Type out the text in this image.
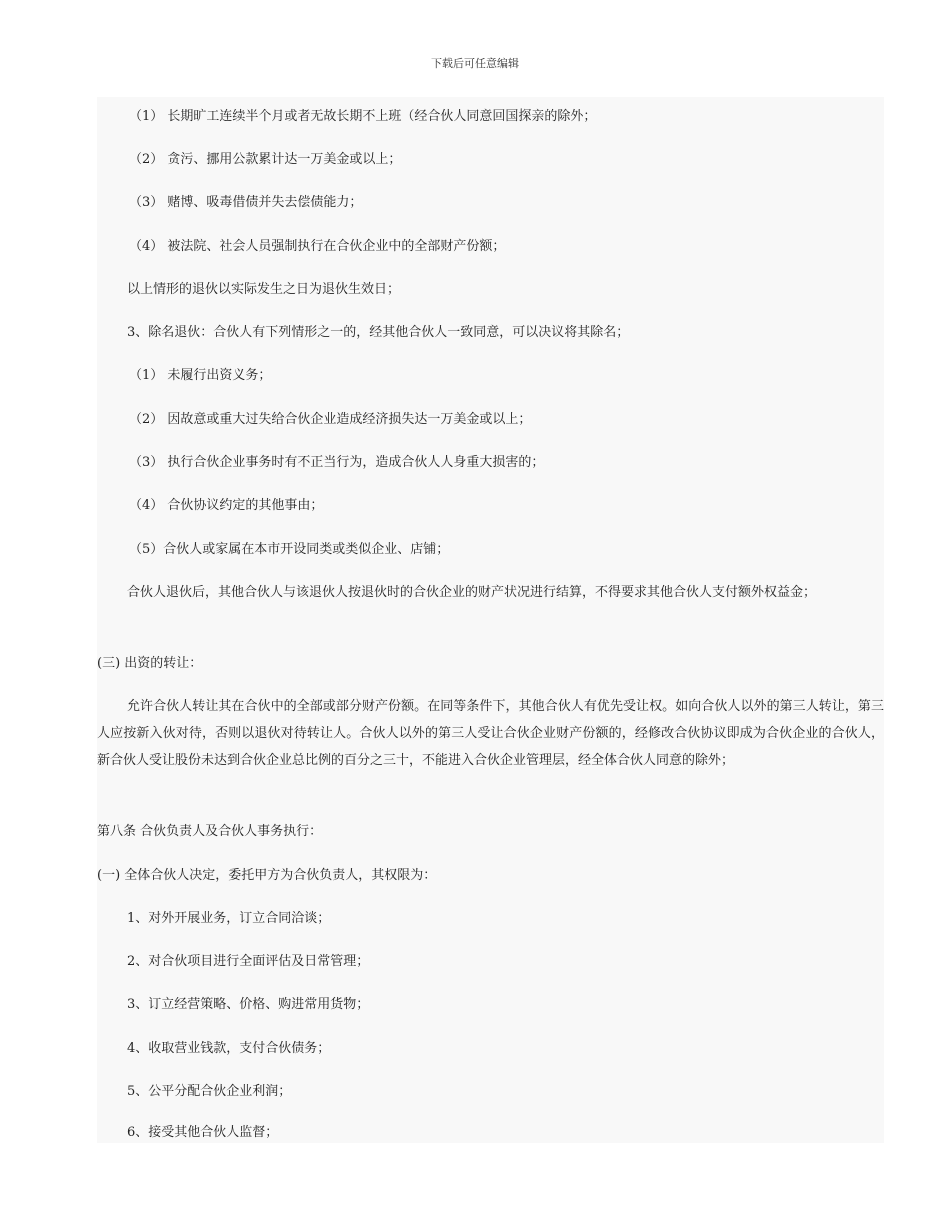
下载后可任意编辑
（1） 长期旷工连续半个月或者无故长期不上班（经合伙人同意回国探亲的除外；
（2） 贪污、挪用公款累计达一万美金或以上；
（3） 赌博、吸毒借债并失去偿债能力；
（4） 被法院、社会人员强制执行在合伙企业中的全部财产份额；
以上情形的退伙以实际发生之日为退伙生效日；
3、除名退伙：合伙人有下列情形之一的，经其他合伙人一致同意，可以决议将其除名；
（1） 未履行出资义务；
（2） 因故意或重大过失给合伙企业造成经济损失达一万美金或以上；
（3） 执行合伙企业事务时有不正当行为，造成合伙人人身重大损害的；
（4） 合伙协议约定的其他事由；
（5）合伙人或家属在本市开设同类或类似企业、店铺；
合伙人退伙后，其他合伙人与该退伙人按退伙时的合伙企业的财产状况进行结算，不得要求其他合伙人支付额外权益金；
(三) 出资的转让：
允许合伙人转让其在合伙中的全部或部分财产份额。在同等条件下，其他合伙人有优先受让权。如向合伙人以外的第三人转让，第三人应按新入伙对待，否则以退伙对待转让人。合伙人以外的第三人受让合伙企业财产份额的，经修改合伙协议即成为合伙企业的合伙人，新合伙人受让股份未达到合伙企业总比例的百分之三十，不能进入合伙企业管理层，经全体合伙人同意的除外；
第八条 合伙负责人及合伙人事务执行：
(一) 全体合伙人决定，委托甲方为合伙负责人，其权限为：
1、对外开展业务，订立合同洽谈；
2、对合伙项目进行全面评估及日常管理；
3、订立经营策略、价格、购进常用货物；
4、收取营业钱款，支付合伙债务；
5、公平分配合伙企业利润；
6、接受其他合伙人监督；
